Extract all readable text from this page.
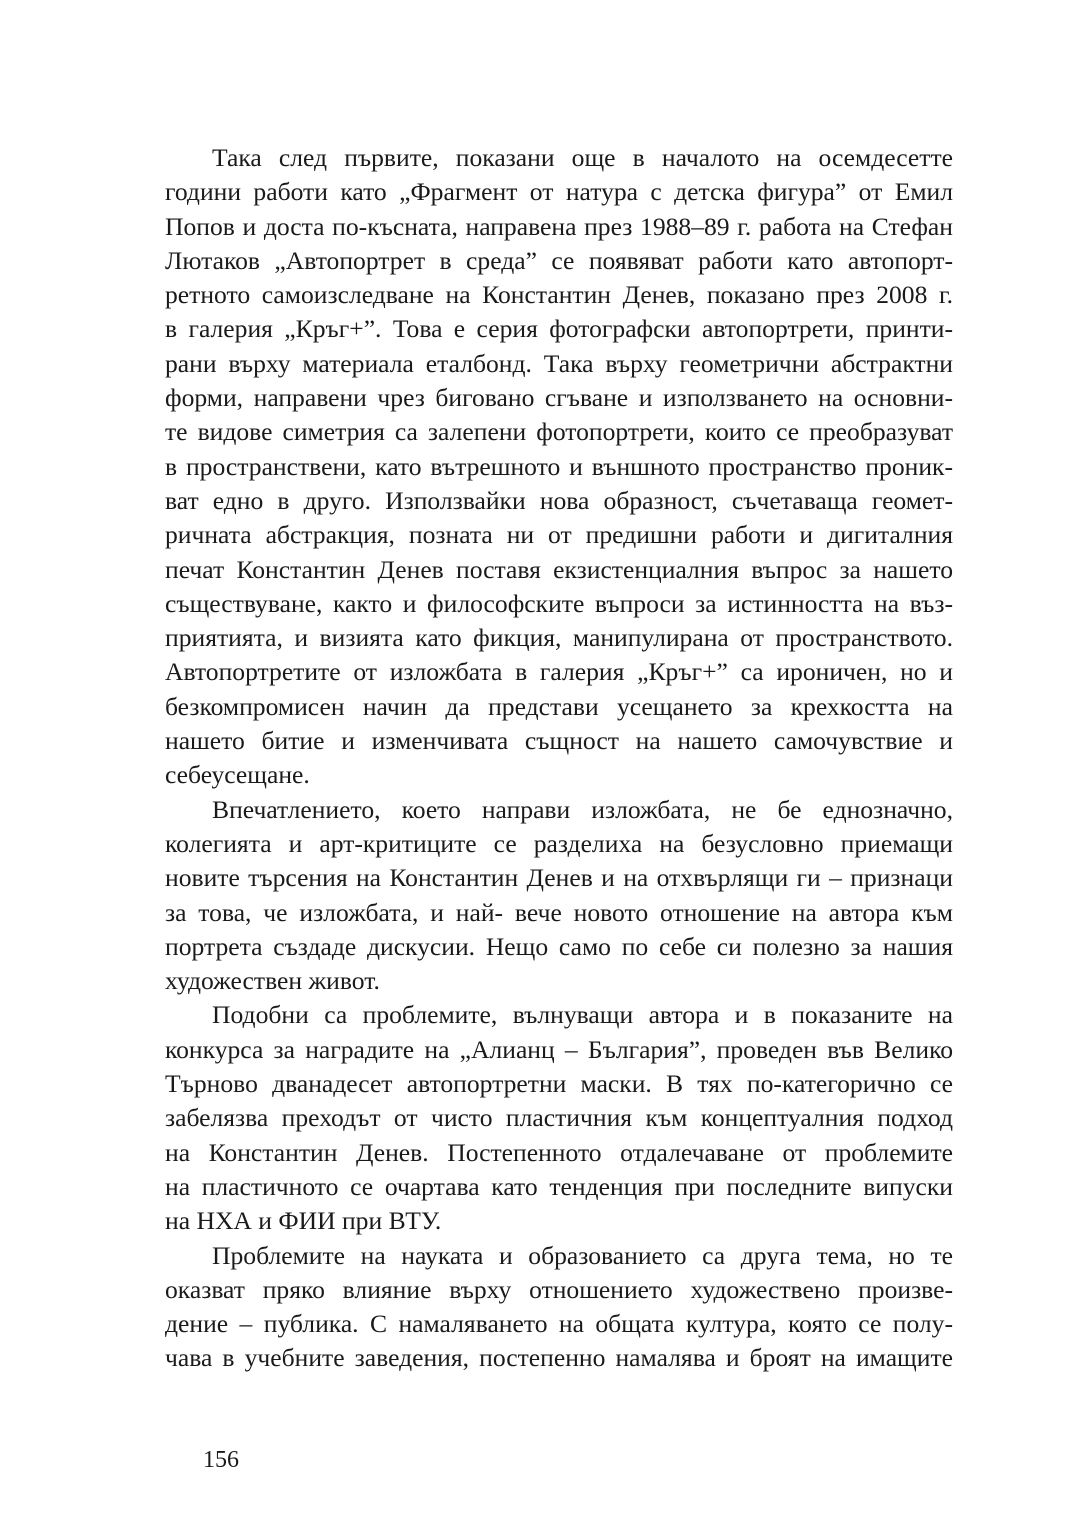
Така след първите, показани още в началото на осемдесетте
години работи като „Фрагмент от натура с детска фигура” от Емил
Попов и доста по-късната, направена през 1988–89 г. работа на Стефан
Лютаков „Автопортрет в среда” се появяват работи като автопорт-
ретното самоизследване на Константин Денев, показано през 2008 г.
в галерия „Кръг+”. Това е серия фотографски автопортрети, принти-
рани върху материала еталбонд. Така върху геометрични абстрактни
форми, направени чрез биговано сгъване и използването на основни-
те видове симетрия са залепени фотопортрети, които се преобразуват
в пространствени, като вътрешното и външното пространство проник-
ват едно в друго. Използвайки нова образност, съчетаваща геомет-
ричната абстракция, позната ни от предишни работи и дигиталния
печат Константин Денев поставя екзистенциалния въпрос за нашето
съществуване, както и философските въпроси за истинността на въз-
приятията, и визията като фикция, манипулирана от пространството.
Автопортретите от изложбата в галерия „Кръг+” са ироничен, но и
безкомпромисен начин да представи усещането за крехкостта на
нашето битие и изменчивата същност на нашето самочувствие и
себеусещане.
Впечатлението, което направи изложбата, не бе еднозначно,
колегията и арт-критиците се разделиха на безусловно приемащи
новите търсения на Константин Денев и на отхвърлящи ги – признаци
за това, че изложбата, и най- вече новото отношение на автора към
портрета създаде дискусии. Нещо само по себе си полезно за нашия
художествен живот.
Подобни са проблемите, вълнуващи автора и в показаните на
конкурса за наградите на „Алианц – България”, проведен във Велико
Търново дванадесет автопортретни маски. В тях по-категорично се
забелязва преходът от чисто пластичния към концептуалния подход
на Константин Денев. Постепенното отдалечаване от проблемите
на пластичното се очартава като тенденция при последните випуски
на НХА и ФИИ при ВТУ.
Проблемите на науката и образованието са друга тема, но те
оказват пряко влияние върху отношението художествено произве-
дение – публика. С намаляването на общата култура, която се полу-
чава в учебните заведения, постепенно намалява и броят на имащите
156
